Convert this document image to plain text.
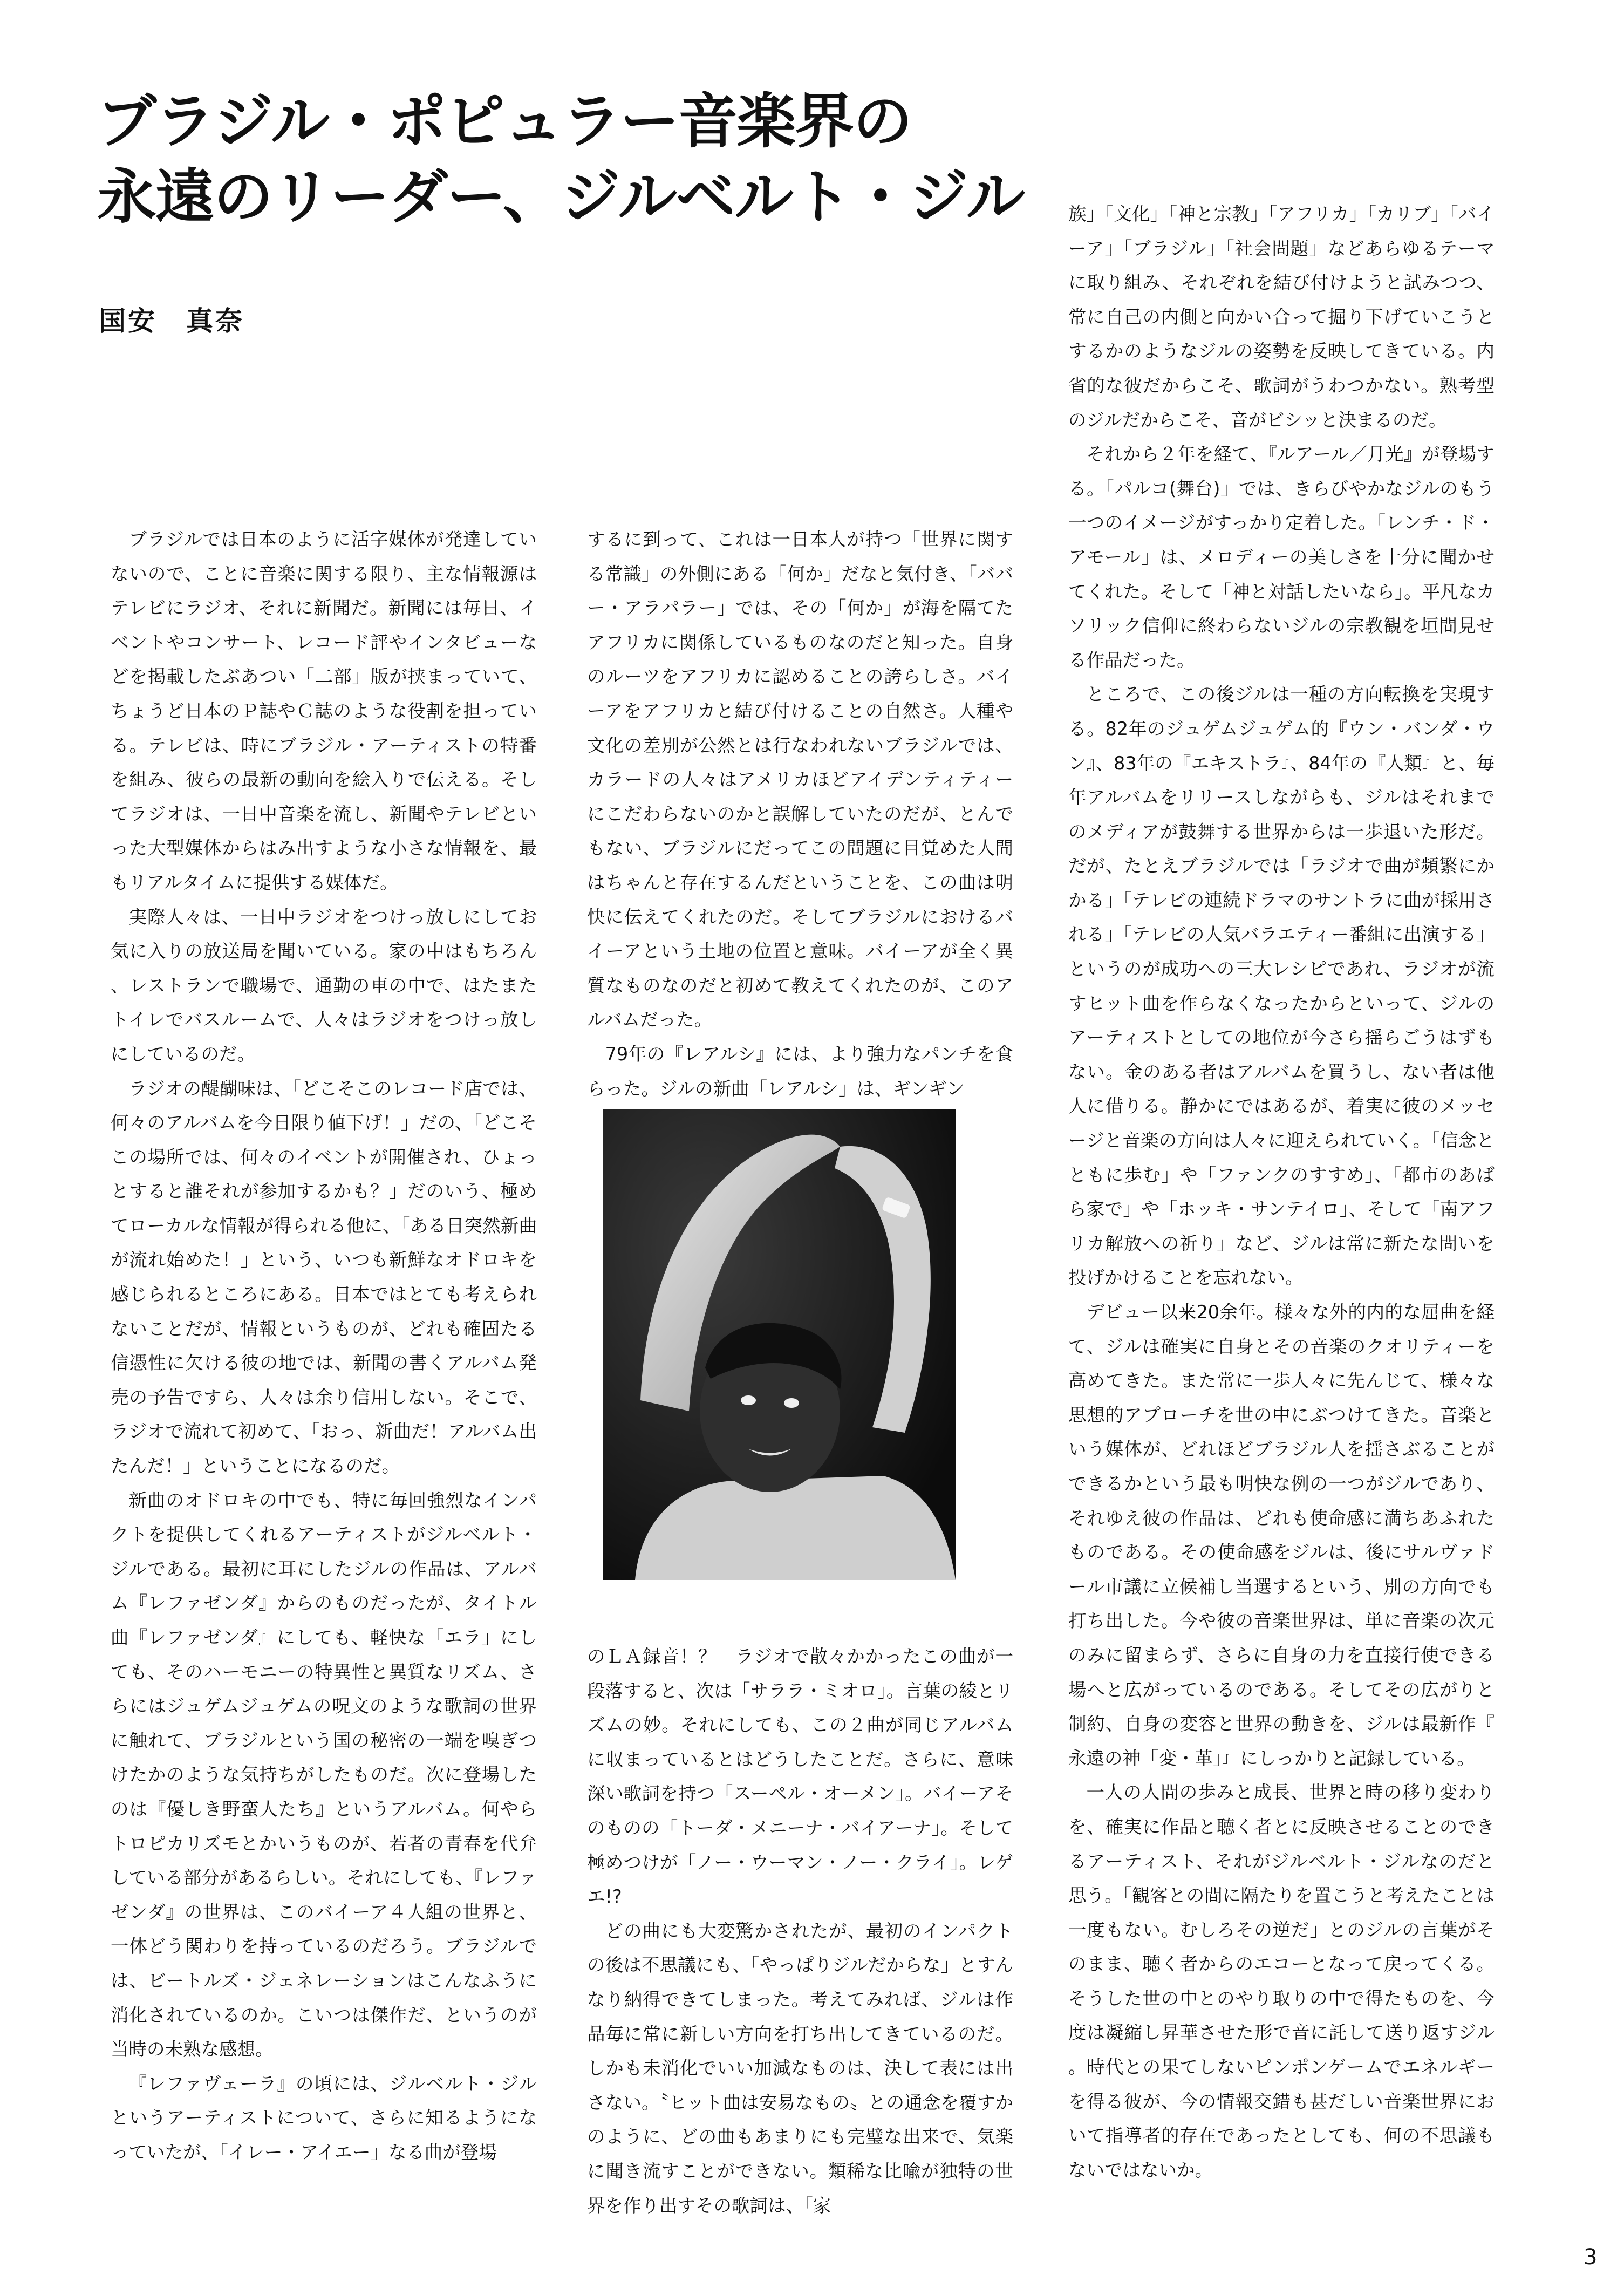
ブラジル・ポピュラー音楽界の
永遠のリーダー、ジルベルト・ジル
国安　真奈

ブラジルでは日本のように活字媒体が発達していないので、ことに音楽に関する限り、主な情報源はテレビにラジオ、それに新聞だ。新聞には毎日、イベントやコンサート、レコード評やインタビューなどを掲載したぶあつい「二部」版が挟まっていて、ちょうど日本のＰ誌やＣ誌のような役割を担っている。テレビは、時にブラジル・アーティストの特番を組み、彼らの最新の動向を絵入りで伝える。そしてラジオは、一日中音楽を流し、新聞やテレビといった大型媒体からはみ出すような小さな情報を、最もリアルタイムに提供する媒体だ。

実際人々は、一日中ラジオをつけっ放しにしてお気に入りの放送局を聞いている。家の中はもちろん、レストランで職場で、通勤の車の中で、はたまたトイレでバスルームで、人々はラジオをつけっ放しにしているのだ。

ラジオの醍醐味は、「どこそこのレコード店では、何々のアルバムを今日限り値下げ！」だの、「どこそこの場所では、何々のイベントが開催され、ひょっとすると誰それが参加するかも？」だのいう、極めてローカルな情報が得られる他に、「ある日突然新曲が流れ始めた！」という、いつも新鮮なオドロキを感じられるところにある。日本ではとても考えられないことだが、情報というものが、どれも確固たる信憑性に欠ける彼の地では、新聞の書くアルバム発売の予告ですら、人々は余り信用しない。そこで、ラジオで流れて初めて、「おっ、新曲だ！アルバム出たんだ！」ということになるのだ。

新曲のオドロキの中でも、特に毎回強烈なインパクトを提供してくれるアーティストがジルベルト・ジルである。最初に耳にしたジルの作品は、アルバム『レファゼンダ』からのものだったが、タイトル曲『レファゼンダ』にしても、軽快な「エラ」にしても、そのハーモニーの特異性と異質なリズム、さらにはジュゲムジュゲムの呪文のような歌詞の世界に触れて、ブラジルという国の秘密の一端を嗅ぎつけたかのような気持ちがしたものだ。次に登場したのは『優しき野蛮人たち』というアルバム。何やらトロピカリズモとかいうものが、若者の青春を代弁している部分があるらしい。それにしても、『レファゼンダ』の世界は、このバイーア４人組の世界と、一体どう関わりを持っているのだろう。ブラジルでは、ビートルズ・ジェネレーションはこんなふうに消化されているのか。こいつは傑作だ、というのが当時の未熟な感想。

『レファヴェーラ』の頃には、ジルベルト・ジルというアーティストについて、さらに知るようになっていたが、「イレー・アイエー」なる曲が登場

するに到って、これは一日本人が持つ「世界に関する常識」の外側にある「何か」だなと気付き、「ババー・アラパラー」では、その「何か」が海を隔てたアフリカに関係しているものなのだと知った。自身のルーツをアフリカに認めることの誇らしさ。バイーアをアフリカと結び付けることの自然さ。人種や文化の差別が公然とは行なわれないブラジルでは、カラードの人々はアメリカほどアイデンティティーにこだわらないのかと誤解していたのだが、とんでもない、ブラジルにだってこの問題に目覚めた人間はちゃんと存在するんだということを、この曲は明快に伝えてくれたのだ。そしてブラジルにおけるバイーアという土地の位置と意味。バイーアが全く異質なものなのだと初めて教えてくれたのが、このアルバムだった。

79年の『レアルシ』には、より強力なパンチを食らった。ジルの新曲「レアルシ」は、ギンギン

のＬＡ録音！？　ラジオで散々かかったこの曲が一段落すると、次は「サララ・ミオロ」。言葉の綾とリズムの妙。それにしても、この２曲が同じアルバムに収まっているとはどうしたことだ。さらに、意味深い歌詞を持つ「スーペル・オーメン」。バイーアそのものの「トーダ・メニーナ・バイアーナ」。そして極めつけが「ノー・ウーマン・ノー・クライ」。レゲエ!?

どの曲にも大変驚かされたが、最初のインパクトの後は不思議にも、「やっぱりジルだからな」とすんなり納得できてしまった。考えてみれば、ジルは作品毎に常に新しい方向を打ち出してきているのだ。しかも未消化でいい加減なものは、決して表には出さない。〝ヒット曲は安易なもの〟との通念を覆すかのように、どの曲もあまりにも完璧な出来で、気楽に聞き流すことができない。類稀な比喩が独特の世界を作り出すその歌詞は、「家

族」「文化」「神と宗教」「アフリカ」「カリブ」「バイーア」「ブラジル」「社会問題」などあらゆるテーマに取り組み、それぞれを結び付けようと試みつつ、常に自己の内側と向かい合って掘り下げていこうとするかのようなジルの姿勢を反映してきている。内省的な彼だからこそ、歌詞がうわつかない。熟考型のジルだからこそ、音がビシッと決まるのだ。

それから２年を経て、『ルアール／月光』が登場する。「パルコ(舞台)」では、きらびやかなジルのもう一つのイメージがすっかり定着した。「レンチ・ド・アモール」は、メロディーの美しさを十分に聞かせてくれた。そして「神と対話したいなら」。平凡なカソリック信仰に終わらないジルの宗教観を垣間見せる作品だった。

ところで、この後ジルは一種の方向転換を実現する。82年のジュゲムジュゲム的『ウン・バンダ・ウン』、83年の『エキストラ』、84年の『人類』と、毎年アルバムをリリースしながらも、ジルはそれまでのメディアが鼓舞する世界からは一歩退いた形だ。だが、たとえブラジルでは「ラジオで曲が頻繁にかかる」「テレビの連続ドラマのサントラに曲が採用される」「テレビの人気バラエティー番組に出演する」というのが成功への三大レシピであれ、ラジオが流すヒット曲を作らなくなったからといって、ジルのアーティストとしての地位が今さら揺らごうはずもない。金のある者はアルバムを買うし、ない者は他人に借りる。静かにではあるが、着実に彼のメッセージと音楽の方向は人々に迎えられていく。「信念とともに歩む」や「ファンクのすすめ」、「都市のあばら家で」や「ホッキ・サンテイロ」、そして「南アフリカ解放への祈り」など、ジルは常に新たな問いを投げかけることを忘れない。

デビュー以来20余年。様々な外的内的な屈曲を経て、ジルは確実に自身とその音楽のクオリティーを高めてきた。また常に一歩人々に先んじて、様々な思想的アプローチを世の中にぶつけてきた。音楽という媒体が、どれほどブラジル人を揺さぶることができるかという最も明快な例の一つがジルであり、それゆえ彼の作品は、どれも使命感に満ちあふれたものである。その使命感をジルは、後にサルヴァドール市議に立候補し当選するという、別の方向でも打ち出した。今や彼の音楽世界は、単に音楽の次元のみに留まらず、さらに自身の力を直接行使できる場へと広がっているのである。そしてその広がりと制約、自身の変容と世界の動きを、ジルは最新作『永遠の神「変・革」』にしっかりと記録している。

一人の人間の歩みと成長、世界と時の移り変わりを、確実に作品と聴く者とに反映させることのできるアーティスト、それがジルベルト・ジルなのだと思う。「観客との間に隔たりを置こうと考えたことは一度もない。むしろその逆だ」とのジルの言葉がそのまま、聴く者からのエコーとなって戻ってくる。そうした世の中とのやり取りの中で得たものを、今度は凝縮し昇華させた形で音に託して送り返すジル。時代との果てしないピンポンゲームでエネルギーを得る彼が、今の情報交錯も甚だしい音楽世界において指導者的存在であったとしても、何の不思議もないではないか。

3
